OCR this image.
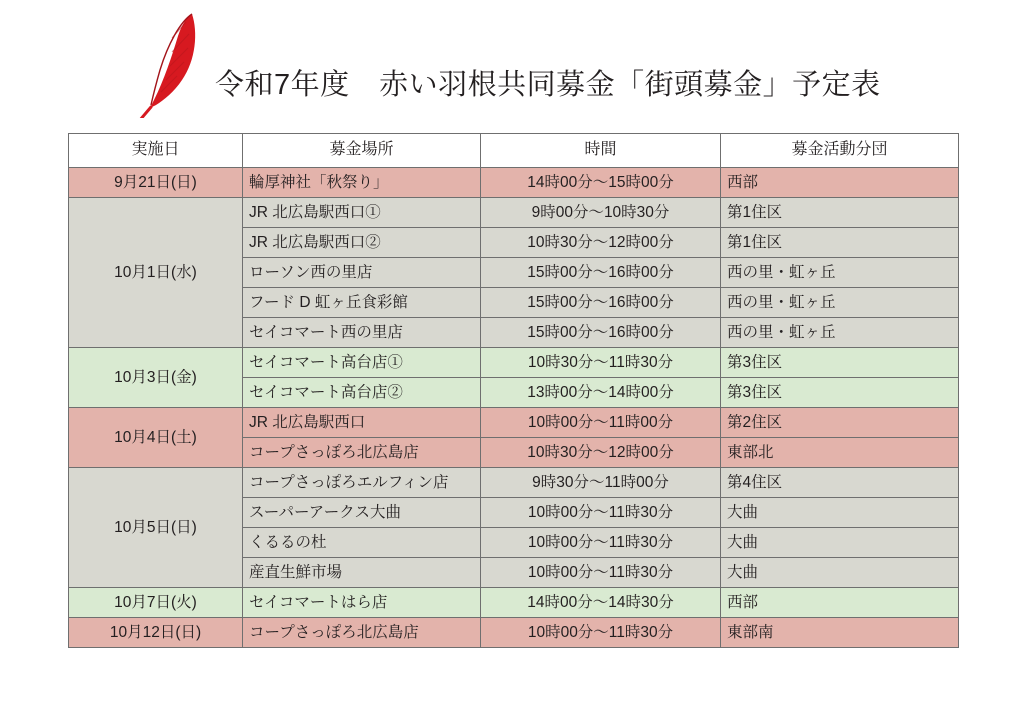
令和7年度　赤い羽根共同募金「街頭募金」予定表
実施日	募金場所	時間	募金活動分団
9月21日(日)	輪厚神社「秋祭り」	14時00分〜15時00分	西部
10月1日(水)	JR 北広島駅西口①	9時00分〜10時30分	第1住区
	JR 北広島駅西口②	10時30分〜12時00分	第1住区
	ローソン西の里店	15時00分〜16時00分	西の里・虹ヶ丘
	フード D 虹ヶ丘食彩館	15時00分〜16時00分	西の里・虹ヶ丘
	セイコマート西の里店	15時00分〜16時00分	西の里・虹ヶ丘
10月3日(金)	セイコマート高台店①	10時30分〜11時30分	第3住区
	セイコマート高台店②	13時00分〜14時00分	第3住区
10月4日(土)	JR 北広島駅西口	10時00分〜11時00分	第2住区
	コープさっぽろ北広島店	10時30分〜12時00分	東部北
10月5日(日)	コープさっぽろエルフィン店	9時30分〜11時00分	第4住区
	スーパーアークス大曲	10時00分〜11時30分	大曲
	くるるの杜	10時00分〜11時30分	大曲
	産直生鮮市場	10時00分〜11時30分	大曲
10月7日(火)	セイコマートはら店	14時00分〜14時30分	西部
10月12日(日)	コープさっぽろ北広島店	10時00分〜11時30分	東部南
